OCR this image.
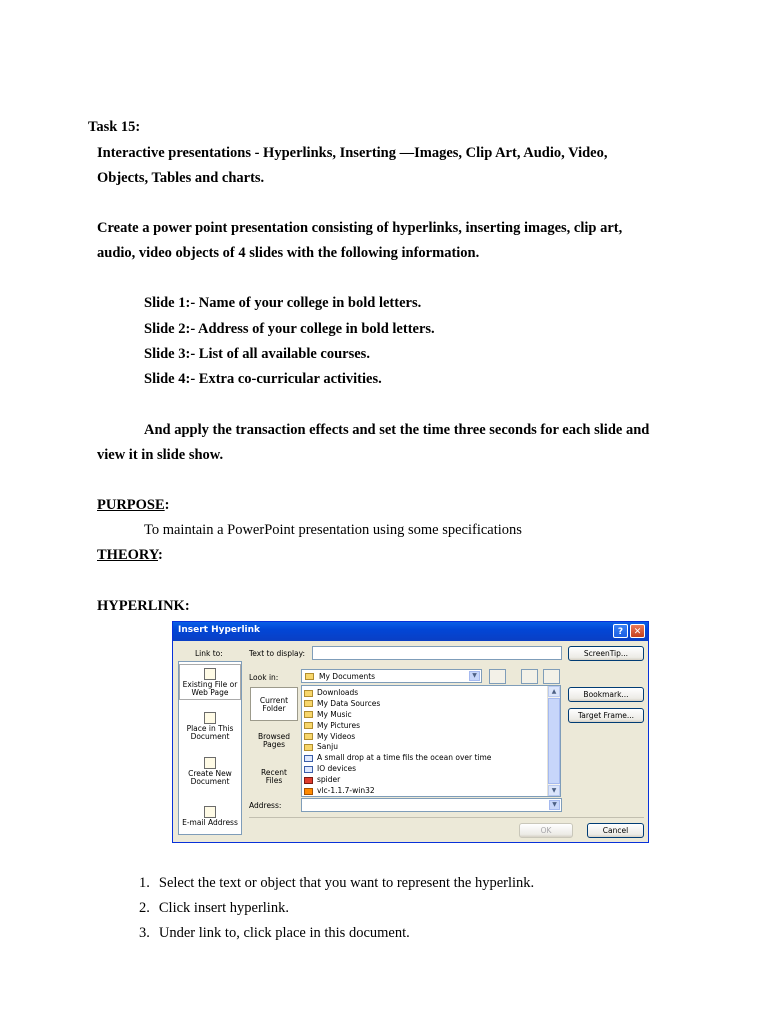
Task 15:
Interactive presentations - Hyperlinks, Inserting —Images, Clip Art, Audio, Video,
Objects, Tables and charts.
Create a power point presentation consisting of hyperlinks, inserting images, clip art,
audio, video objects of 4 slides with the following information.
Slide 1:- Name of your college in bold letters.
Slide 2:- Address of your college in bold letters.
Slide 3:- List of all available courses.
Slide 4:- Extra co-curricular activities.
And apply the transaction effects and set the time three seconds for each slide and
view it in slide show.
PURPOSE:
To maintain a PowerPoint presentation using some specifications
THEORY:
HYPERLINK:
Insert Hyperlink	?	✕
Link to:	Text to display:	ScreenTip...
Existing File or
Web Page
Place in This
Document
Create New
Document
E-mail Address
Look in:	My Documents	▼
Bookmark...
Target Frame...
Current
Folder
Browsed
Pages
Recent
Files
Downloads
My Data Sources
My Music
My Pictures
My Videos
Sanju
A small drop at a time fils the ocean over time
IO devices
spider
vlc-1.1.7-win32
▲
▼
Address:	▼
OK	Cancel
1. Select the text or object that you want to represent the hyperlink.
2. Click insert hyperlink.
3. Under link to, click place in this document.
